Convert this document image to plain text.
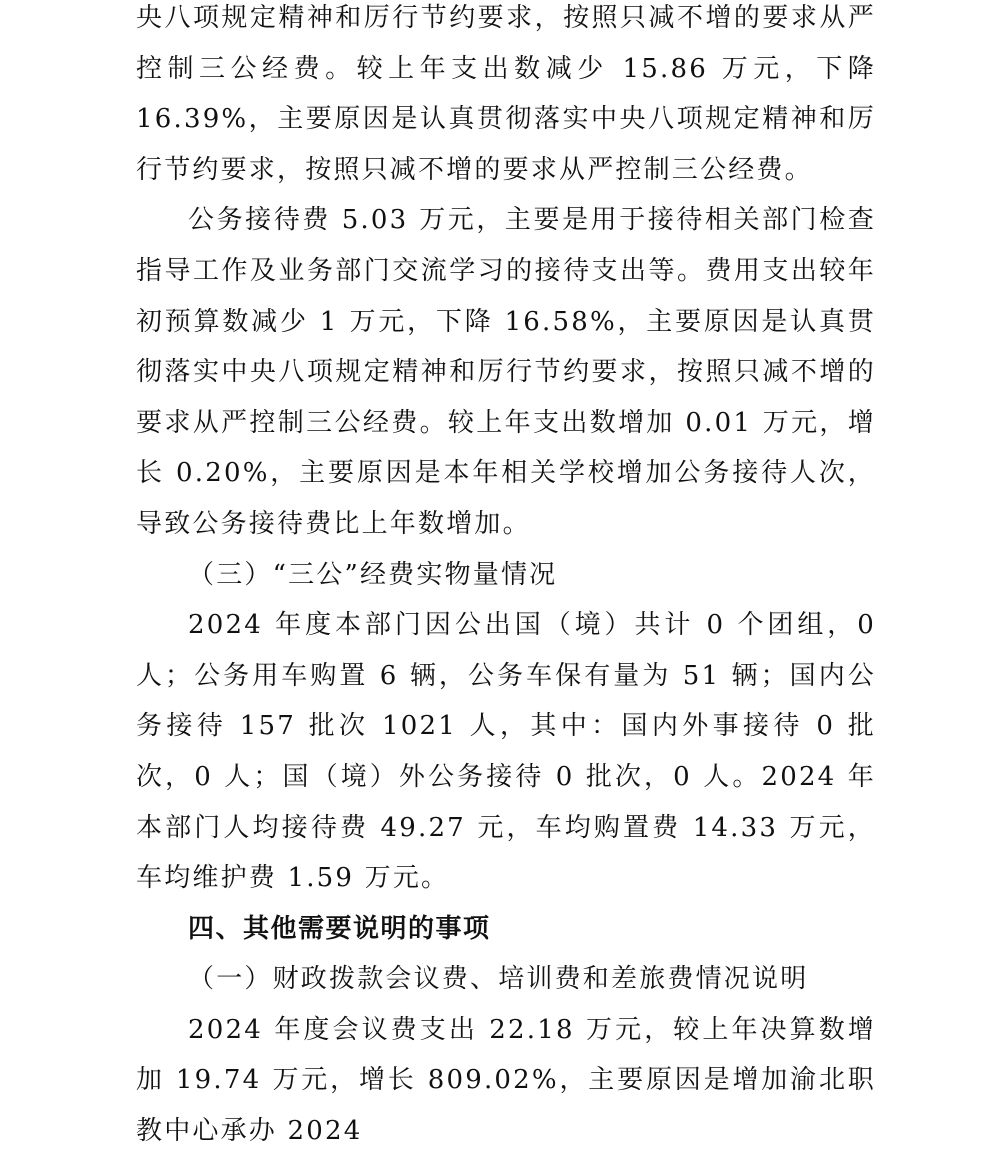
央八项规定精神和厉行节约要求，按照只减不增的要求从严控制三公经费。较上年支出数减少 15.86 万元，下降 16.39%，主要原因是认真贯彻落实中央八项规定精神和厉行节约要求，按照只减不增的要求从严控制三公经费。

公务接待费 5.03 万元，主要是用于接待相关部门检查指导工作及业务部门交流学习的接待支出等。费用支出较年初预算数减少 1 万元，下降 16.58%，主要原因是认真贯彻落实中央八项规定精神和厉行节约要求，按照只减不增的要求从严控制三公经费。较上年支出数增加 0.01 万元，增长 0.20%，主要原因是本年相关学校增加公务接待人次，导致公务接待费比上年数增加。

（三）“三公”经费实物量情况

2024 年度本部门因公出国（境）共计 0 个团组，0 人；公务用车购置 6 辆，公务车保有量为 51 辆；国内公务接待 157 批次 1021 人，其中：国内外事接待 0 批次，0 人；国（境）外公务接待 0 批次，0 人。2024 年本部门人均接待费 49.27 元，车均购置费 14.33 万元，车均维护费 1.59 万元。

四、其他需要说明的事项

（一）财政拨款会议费、培训费和差旅费情况说明

2024 年度会议费支出 22.18 万元，较上年决算数增加 19.74 万元，增长 809.02%，主要原因是增加渝北职教中心承办 2024
